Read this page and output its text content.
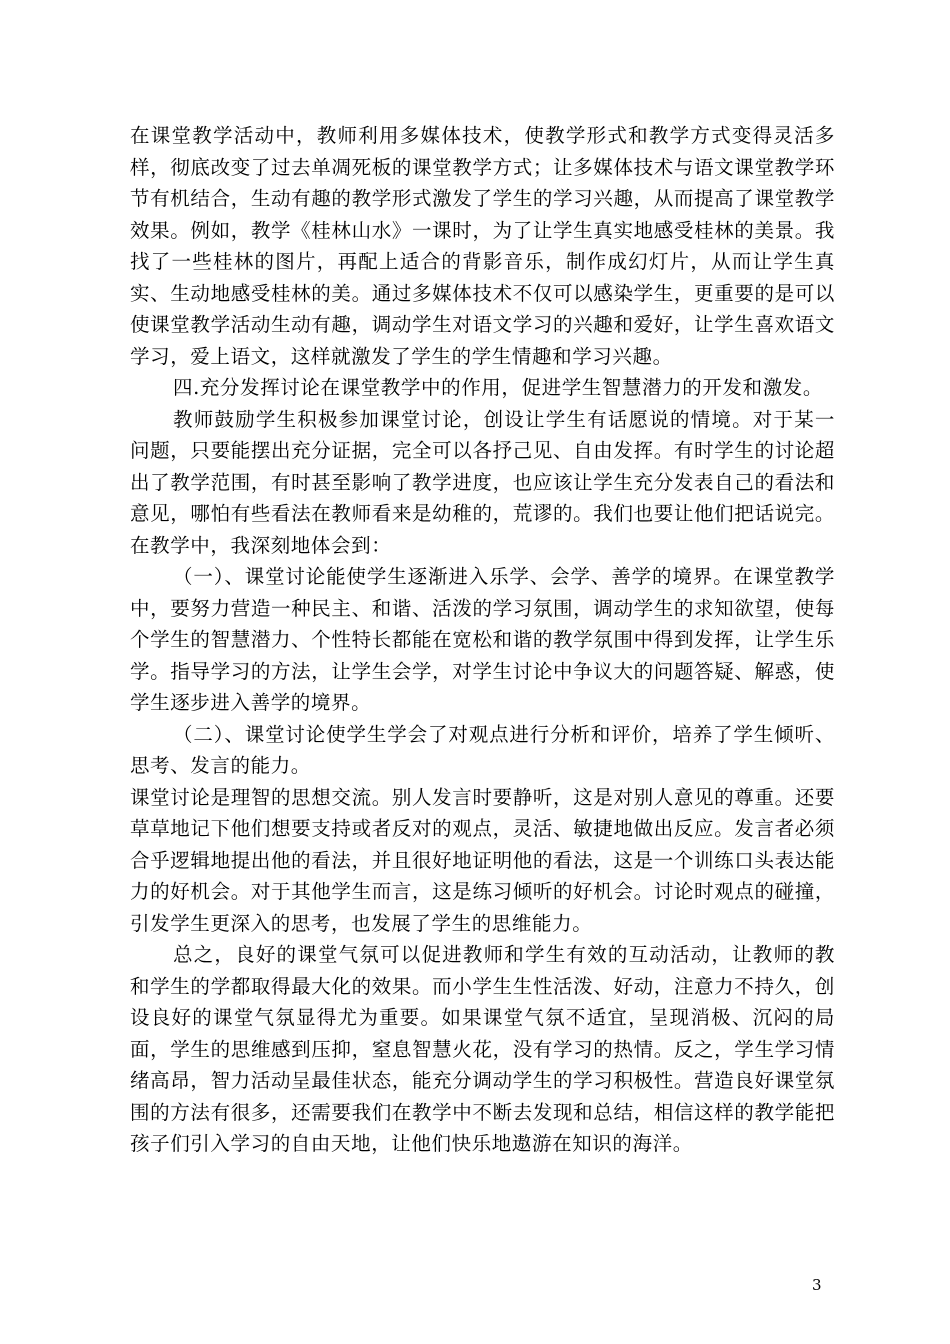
在课堂教学活动中，教师利用多媒体技术，使教学形式和教学方式变得灵活多样，彻底改变了过去单凋死板的课堂教学方式；让多媒体技术与语文课堂教学环节有机结合，生动有趣的教学形式激发了学生的学习兴趣，从而提高了课堂教学效果。例如，教学《桂林山水》一课时，为了让学生真实地感受桂林的美景。我找了一些桂林的图片，再配上适合的背影音乐，制作成幻灯片，从而让学生真实、生动地感受桂林的美。通过多媒体技术不仅可以感染学生，更重要的是可以使课堂教学活动生动有趣，调动学生对语文学习的兴趣和爱好，让学生喜欢语文学习，爱上语文，这样就激发了学生的学生情趣和学习兴趣。

四.充分发挥讨论在课堂教学中的作用，促进学生智慧潜力的开发和激发。

教师鼓励学生积极参加课堂讨论，创设让学生有话愿说的情境。对于某一问题，只要能摆出充分证据，完全可以各抒己见、自由发挥。有时学生的讨论超出了教学范围，有时甚至影响了教学进度，也应该让学生充分发表自己的看法和意见，哪怕有些看法在教师看来是幼稚的，荒谬的。我们也要让他们把话说完。在教学中，我深刻地体会到：

（一）、课堂讨论能使学生逐渐进入乐学、会学、善学的境界。在课堂教学中，要努力营造一种民主、和谐、活泼的学习氛围，调动学生的求知欲望，使每个学生的智慧潜力、个性特长都能在宽松和谐的教学氛围中得到发挥，让学生乐学。指导学习的方法，让学生会学，对学生讨论中争议大的问题答疑、解惑，使学生逐步进入善学的境界。

（二）、课堂讨论使学生学会了对观点进行分析和评价，培养了学生倾听、思考、发言的能力。

课堂讨论是理智的思想交流。别人发言时要静听，这是对别人意见的尊重。还要草草地记下他们想要支持或者反对的观点，灵活、敏捷地做出反应。发言者必须合乎逻辑地提出他的看法，并且很好地证明他的看法，这是一个训练口头表达能力的好机会。对于其他学生而言，这是练习倾听的好机会。讨论时观点的碰撞，引发学生更深入的思考，也发展了学生的思维能力。

总之，良好的课堂气氛可以促进教师和学生有效的互动活动，让教师的教和学生的学都取得最大化的效果。而小学生生性活泼、好动，注意力不持久，创设良好的课堂气氛显得尤为重要。如果课堂气氛不适宜，呈现消极、沉闷的局面，学生的思维感到压抑，窒息智慧火花，没有学习的热情。反之，学生学习情绪高昂，智力活动呈最佳状态，能充分调动学生的学习积极性。营造良好课堂氛围的方法有很多，还需要我们在教学中不断去发现和总结，相信这样的教学能把孩子们引入学习的自由天地，让他们快乐地遨游在知识的海洋。

3
